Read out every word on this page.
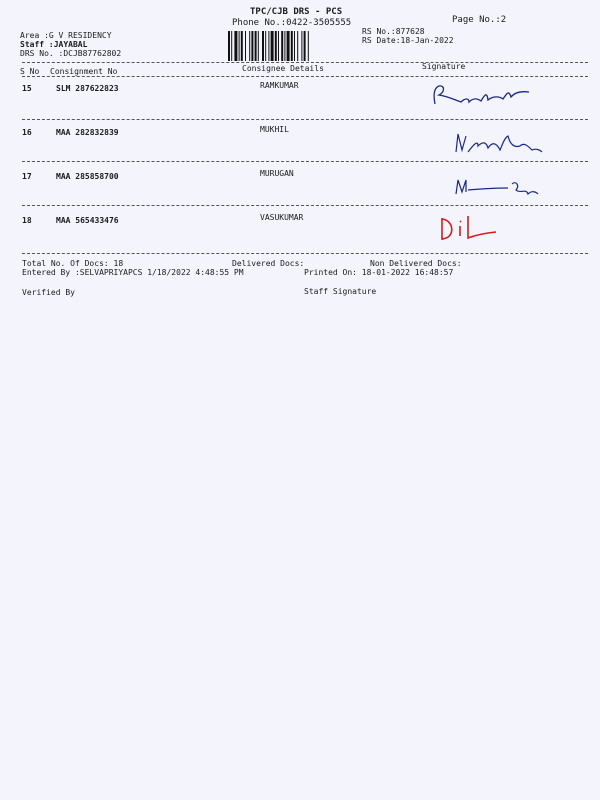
TPC/CJB DRS - PCS
Phone No.:0422-3505555	Page No.:2
Area :G V RESIDENCY
Staff :JAYABAL
DRS No. :DCJB87762802
RS No.:877628
RS Date:18-Jan-2022
S No Consignment No	Consignee Details	Signature
15	SLM 287622823	RAMKUMAR
16	MAA 282832839	MUKHIL
17	MAA 285858700	MURUGAN
18	MAA 565433476	VASUKUMAR
Total No. Of Docs: 18	Delivered Docs:	Non Delivered Docs:
Entered By :SELVAPRIYAPCS 1/18/2022 4:48:55 PM	Printed On: 18-01-2022 16:48:57
Verified By	Staff Signature
